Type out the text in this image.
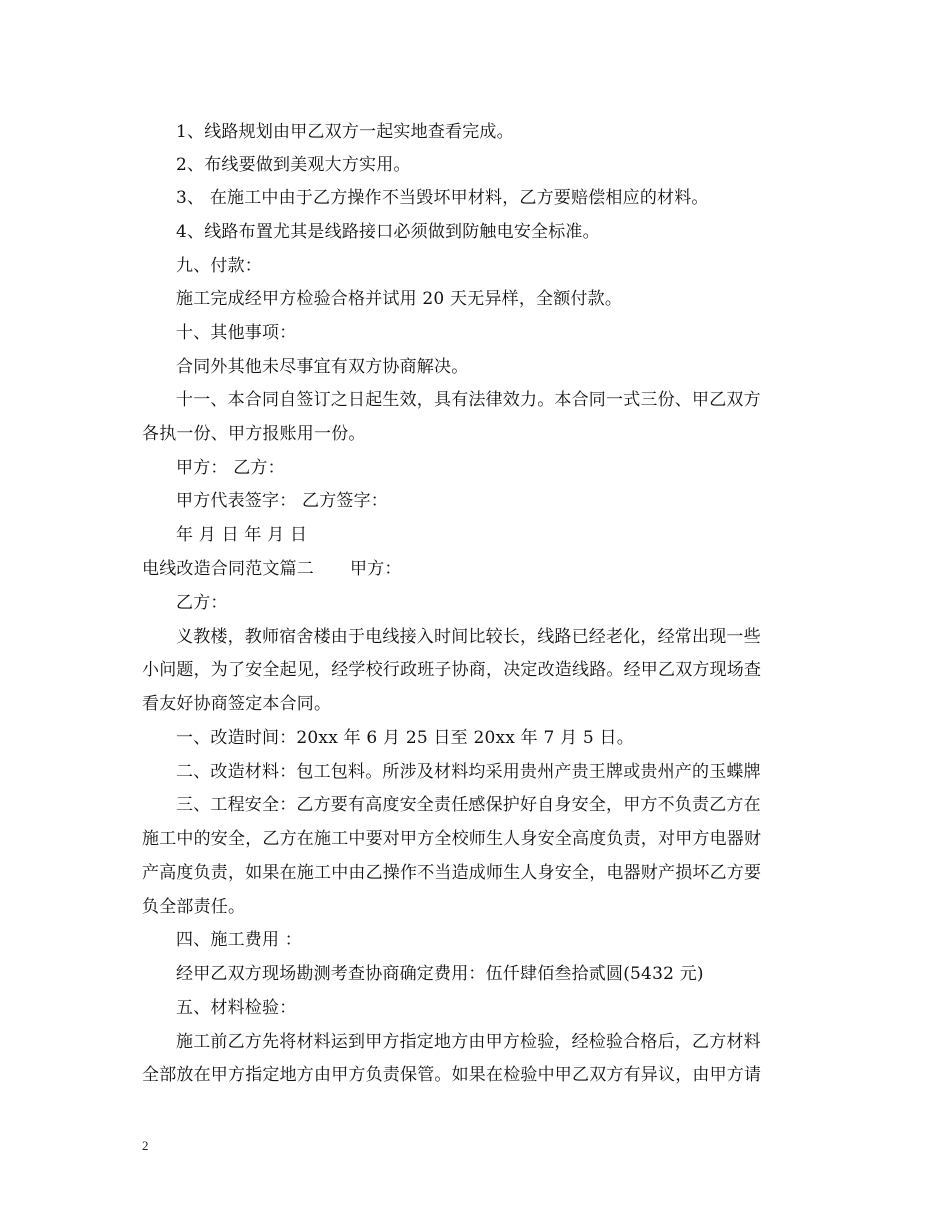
1、线路规划由甲乙双方一起实地查看完成。
2、布线要做到美观大方实用。
3、 在施工中由于乙方操作不当毁坏甲材料，乙方要赔偿相应的材料。
4、线路布置尤其是线路接口必须做到防触电安全标准。
九、付款：
施工完成经甲方检验合格并试用 20 天无异样，全额付款。
十、其他事项：
合同外其他未尽事宜有双方协商解决。
十一、本合同自签订之日起生效，具有法律效力。本合同一式三份、甲乙双方
各执一份、甲方报账用一份。
甲方： 乙方：
甲方代表签字： 乙方签字：
年 月 日 年 月 日
电线改造合同范文篇二 甲方：
乙方：
义教楼，教师宿舍楼由于电线接入时间比较长，线路已经老化，经常出现一些
小问题，为了安全起见，经学校行政班子协商，决定改造线路。经甲乙双方现场查
看友好协商签定本合同。
一、改造时间：20xx 年 6 月 25 日至 20xx 年 7 月 5 日。
二、改造材料：包工包料。所涉及材料均采用贵州产贵王牌或贵州产的玉蝶牌
三、工程安全：乙方要有高度安全责任感保护好自身安全，甲方不负责乙方在
施工中的安全，乙方在施工中要对甲方全校师生人身安全高度负责，对甲方电器财
产高度负责，如果在施工中由乙操作不当造成师生人身安全，电器财产损坏乙方要
负全部责任。
四、施工费用 ：
经甲乙双方现场勘测考查协商确定费用：伍仟肆佰叁拾贰圆(5432 元)
五、材料检验：
施工前乙方先将材料运到甲方指定地方由甲方检验，经检验合格后，乙方材料
全部放在甲方指定地方由甲方负责保管。如果在检验中甲乙双方有异议，由甲方请
2
